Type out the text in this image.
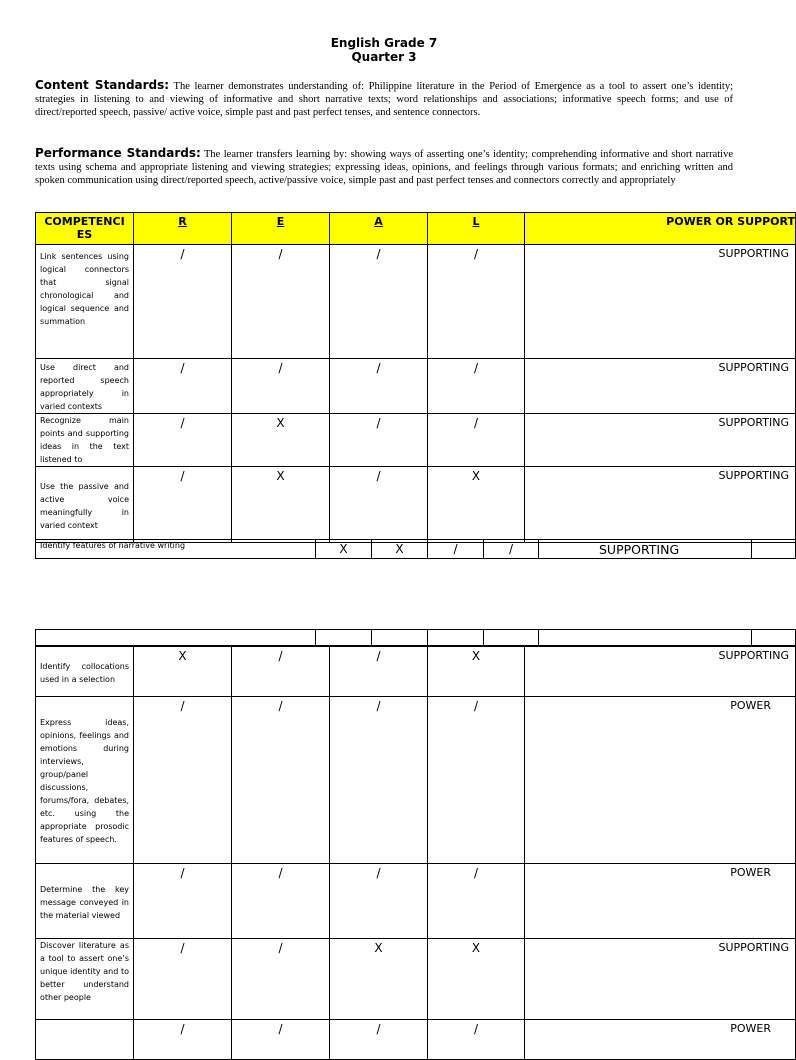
English Grade 7
Quarter 3
Content Standards: The learner demonstrates understanding of: Philippine literature in the Period of Emergence as a tool to assert one’s identity; strategies in listening to and viewing of informative and short narrative texts; word relationships and associations; informative speech forms; and use of direct/reported speech, passive/ active voice, simple past and past perfect tenses, and sentence connectors.
Performance Standards: The learner transfers learning by: showing ways of asserting one’s identity; comprehending informative and short narrative texts using schema and appropriate listening and viewing strategies; expressing ideas, opinions, and feelings through various formats; and enriching written and spoken communication using direct/reported speech, active/passive voice, simple past and past perfect tenses and connectors correctly and appropriately
COMPETENCI ES	R	E	A	L	POWER OR SUPPORT
Link sentences using logical connectors that signal chronological and logical sequence and summation	/	/	/	/	SUPPORTING
Use direct and reported speech appropriately in varied contexts	/	/	/	/	SUPPORTING
Recognize main points and supporting ideas in the text listened to	/	X	/	/	SUPPORTING
Use the passive and active voice meaningfully in varied context	/	X	/	X	SUPPORTING
Identify features of narrative writing	X	X	/	/	SUPPORTING	

Identify collocations used in a selection	X	/	/	X	SUPPORTING
Express ideas, opinions, feelings and emotions during interviews, group/panel discussions, forums/fora, debates, etc. using the appropriate prosodic features of speech.	/	/	/	/	POWER
Determine the key message conveyed in the material viewed	/	/	/	/	POWER
Discover literature as a tool to assert one’s unique identity and to better understand other people	/	/	X	X	SUPPORTING
	/	/	/	/	POWER
